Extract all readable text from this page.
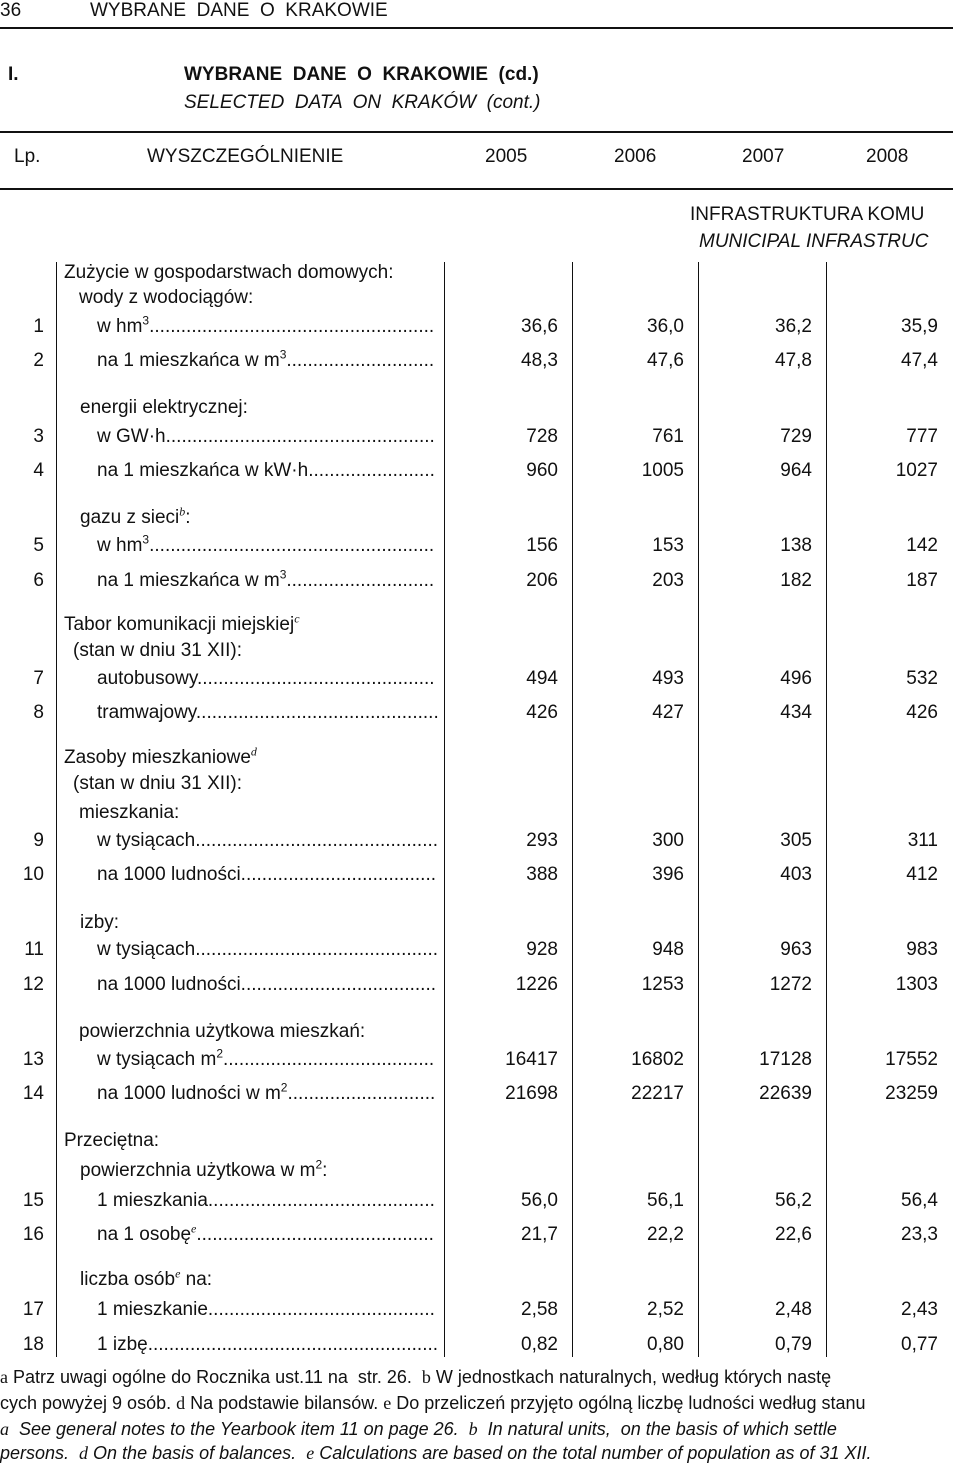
36	WYBRANE  DANE  O  KRAKOWIE
I.	WYBRANE  DANE  O  KRAKOWIE  (cd.)
SELECTED  DATA  ON  KRAKÓW  (cont.)
Lp.	WYSZCZEGÓLNIENIE	2005	2006	2007	2008
INFRASTRUKTURA KOMU
MUNICIPAL INFRASTRUC
Zużycie w gospodarstwach domowych:
wody z wodociągów:
energii elektrycznej:
gazu z sieci$^b$:
Tabor komunikacji miejskiej$^c$
(stan w dniu 31 XII):
Zasoby mieszkaniowe$^d$
(stan w dniu 31 XII):
mieszkania:
izby:
powierzchnia użytkowa mieszkań:
Przeciętna:
powierzchnia użytkowa w $m^2$:
liczba osób$^e$ na:
1	w $hm^3$......................................................	36,6	36,0	36,2	35,9
2	na 1 mieszkańca w $m^3$............................	48,3	47,6	47,8	47,4
3	w GW·h...................................................	728	761	729	777
4	na 1 mieszkańca w kW·h........................	960	1005	964	1027
5	w $hm^3$......................................................	156	153	138	142
6	na 1 mieszkańca w $m^3$............................	206	203	182	187
7	autobusowy.............................................	494	493	496	532
8	tramwajowy..............................................	426	427	434	426
9	w tysiącach..............................................	293	300	305	311
10	na 1000 ludności.....................................	388	396	403	412
11	w tysiącach..............................................	928	948	963	983
12	na 1000 ludności.....................................	1226	1253	1272	1303
13	w tysiącach $m^2$........................................	16417	16802	17128	17552
14	na 1000 ludności w $m^2$............................	21698	22217	22639	23259
15	1 mieszkania...........................................	56,0	56,1	56,2	56,4
16	na 1 osobę$^e$.............................................	21,7	22,2	22,6	23,3
17	1 mieszkanie...........................................	2,58	2,52	2,48	2,43
18	1 izbę.......................................................	0,82	0,80	0,79	0,77
a Patrz uwagi ogólne do Rocznika ust.11 na  str. 26.  b W jednostkach naturalnych, według których nastę
cych powyżej 9 osób. d Na podstawie bilansów. e Do przeliczeń przyjęto ogólną liczbę ludności według stanu
a  See general notes to the Yearbook item 11 on page 26.  b  In natural units,  on the basis of which settle
persons.  d On the basis of balances.  e Calculations are based on the total number of population as of 31 XII.
